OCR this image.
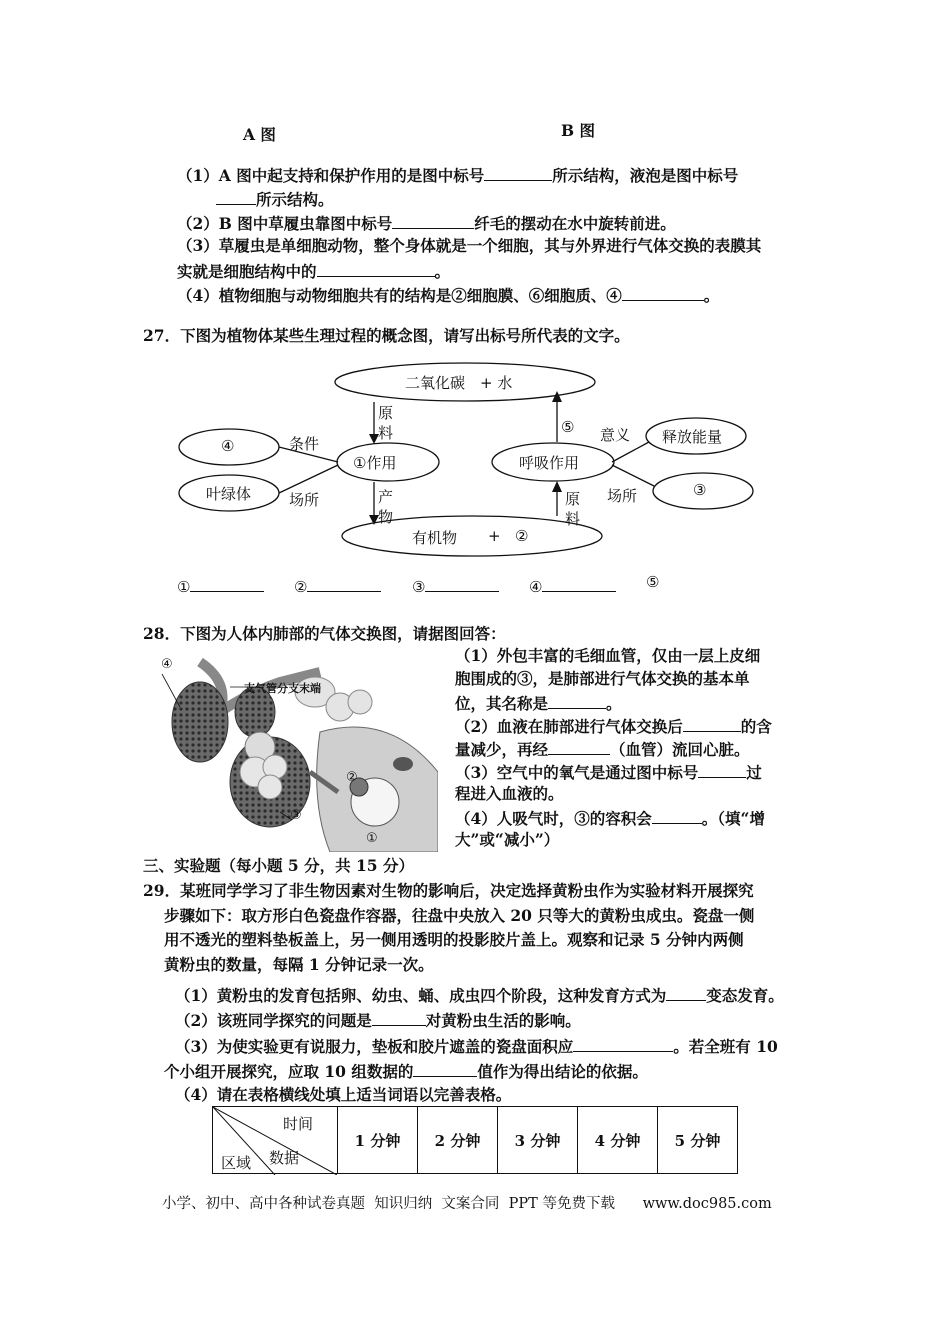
A 图	B 图
（1）A 图中起支持和保护作用的是图中标号	所示结构，液泡是图中标号
所示结构。
（2）B 图中草履虫靠图中标号	纤毛的摆动在水中旋转前进。
（3）草履虫是单细胞动物，整个身体就是一个细胞，其与外界进行气体交换的表膜其
实就是细胞结构中的	。
（4）植物细胞与动物细胞共有的结构是②细胞膜、⑥细胞质、④	。
27．下图为植物体某些生理过程的概念图，请写出标号所代表的文字。
二氧化碳　+ 水
有机物 + ②
①作用	呼吸作用
④
叶绿体
释放能量
③
⑤
条件
场所	场所
意义
原
料
产
物
原
料
①	②	③	④	⑤
28．下图为人体内肺部的气体交换图，请据图回答：
④
支气管分支末端
②
③
①
（1）外包丰富的毛细血管，仅由一层上皮细
胞围成的③，是肺部进行气体交换的基本单
位，其名称是	。
（2）血液在肺部进行气体交换后	的含
量减少，再经	（血管）流回心脏。
（3）空气中的氧气是通过图中标号	过
程进入血液的。
（4）人吸气时，③的容积会	。（填“增
大”或“减小”）
三、实验题（每小题 5 分，共 15 分）
29．某班同学学习了非生物因素对生物的影响后，决定选择黄粉虫作为实验材料开展探究
步骤如下：取方形白色瓷盘作容器，往盘中央放入 20 只等大的黄粉虫成虫。瓷盘一侧
用不透光的塑料垫板盖上，另一侧用透明的投影胶片盖上。观察和记录 5 分钟内两侧
黄粉虫的数量，每隔 1 分钟记录一次。
（1）黄粉虫的发育包括卵、幼虫、蛹、成虫四个阶段，这种发育方式为	变态发育。
（2）该班同学探究的问题是	对黄粉虫生活的影响。
（3）为使实验更有说服力，垫板和胶片遮盖的瓷盘面积应	。若全班有 10
个小组开展探究，应取 10 组数据的	值作为得出结论的依据。
（4）请在表格横线处填上适当词语以完善表格。
时间
数据
区域
	1 分钟	2 分钟	3 分钟	4 分钟	5 分钟
小学、初中、高中各种试卷真题  知识归纳  文案合同  PPT 等免费下载      www.doc985.com
